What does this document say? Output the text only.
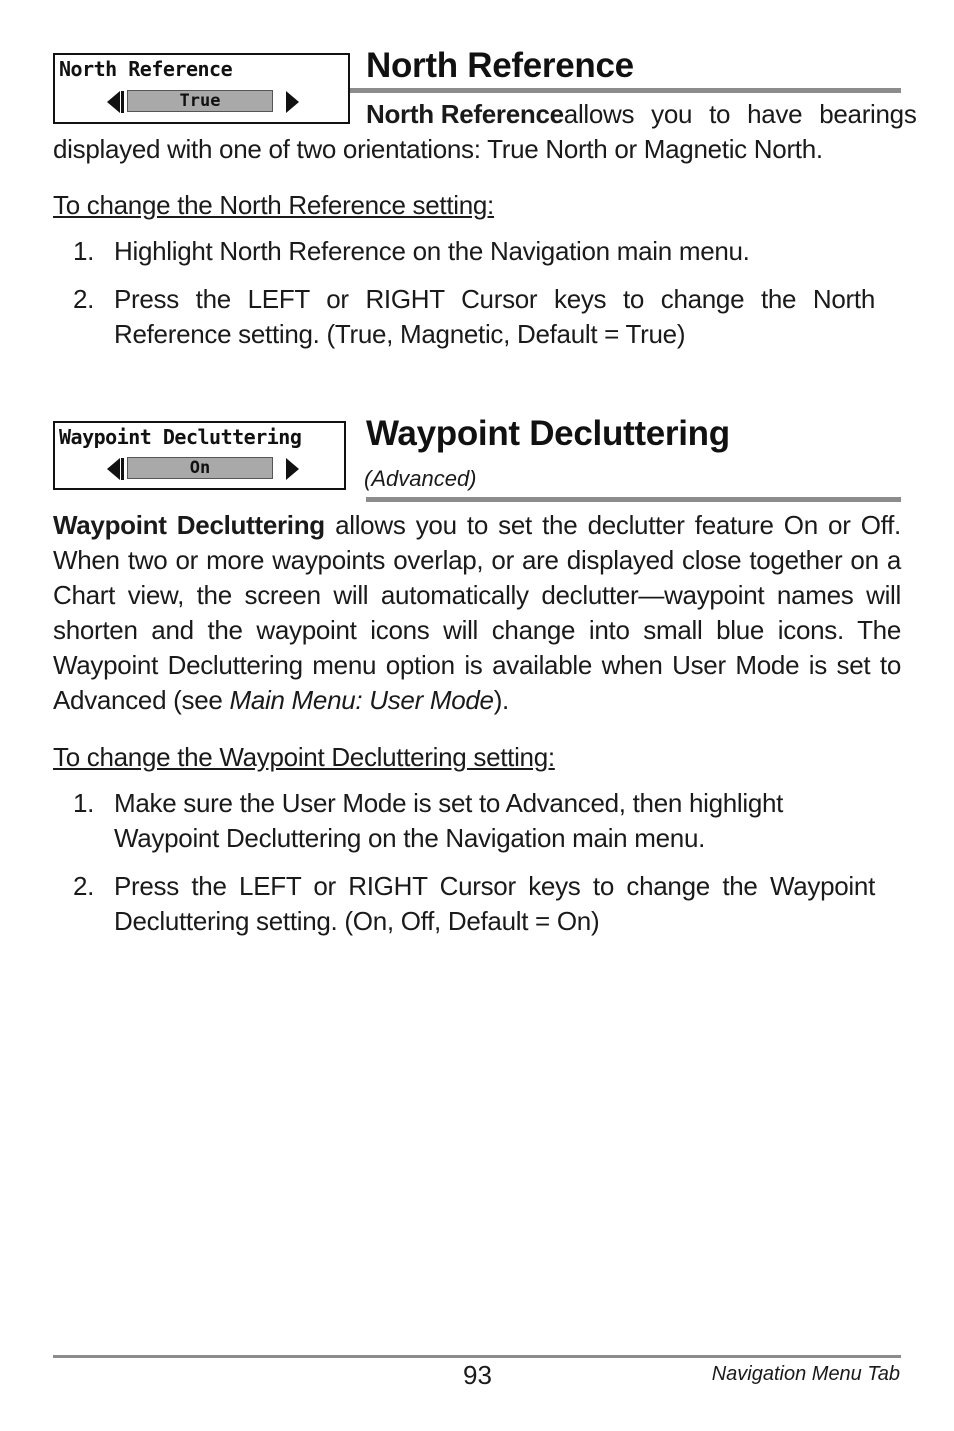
North Reference
True
North Reference
North Reference allows you to have bearings
displayed with one of two orientations: True North or Magnetic North.
To change the North Reference setting:
1. Highlight North Reference on the Navigation main menu.
2. Press the LEFT or RIGHT Cursor keys to change the North Reference setting. (True, Magnetic, Default = True)
Waypoint Decluttering
On
Waypoint Decluttering
(Advanced)
Waypoint Decluttering allows you to set the declutter feature On or Off. When two or more waypoints overlap, or are displayed close together on a Chart view, the screen will automatically declutter—waypoint names will shorten and the waypoint icons will change into small blue icons. The Waypoint Decluttering menu option is available when User Mode is set to Advanced (see Main Menu: User Mode).
To change the Waypoint Decluttering setting:
1. Make sure the User Mode is set to Advanced, then highlight Waypoint Decluttering on the Navigation main menu.
2. Press the LEFT or RIGHT Cursor keys to change the Waypoint Decluttering setting. (On, Off, Default = On)
93	Navigation Menu Tab
